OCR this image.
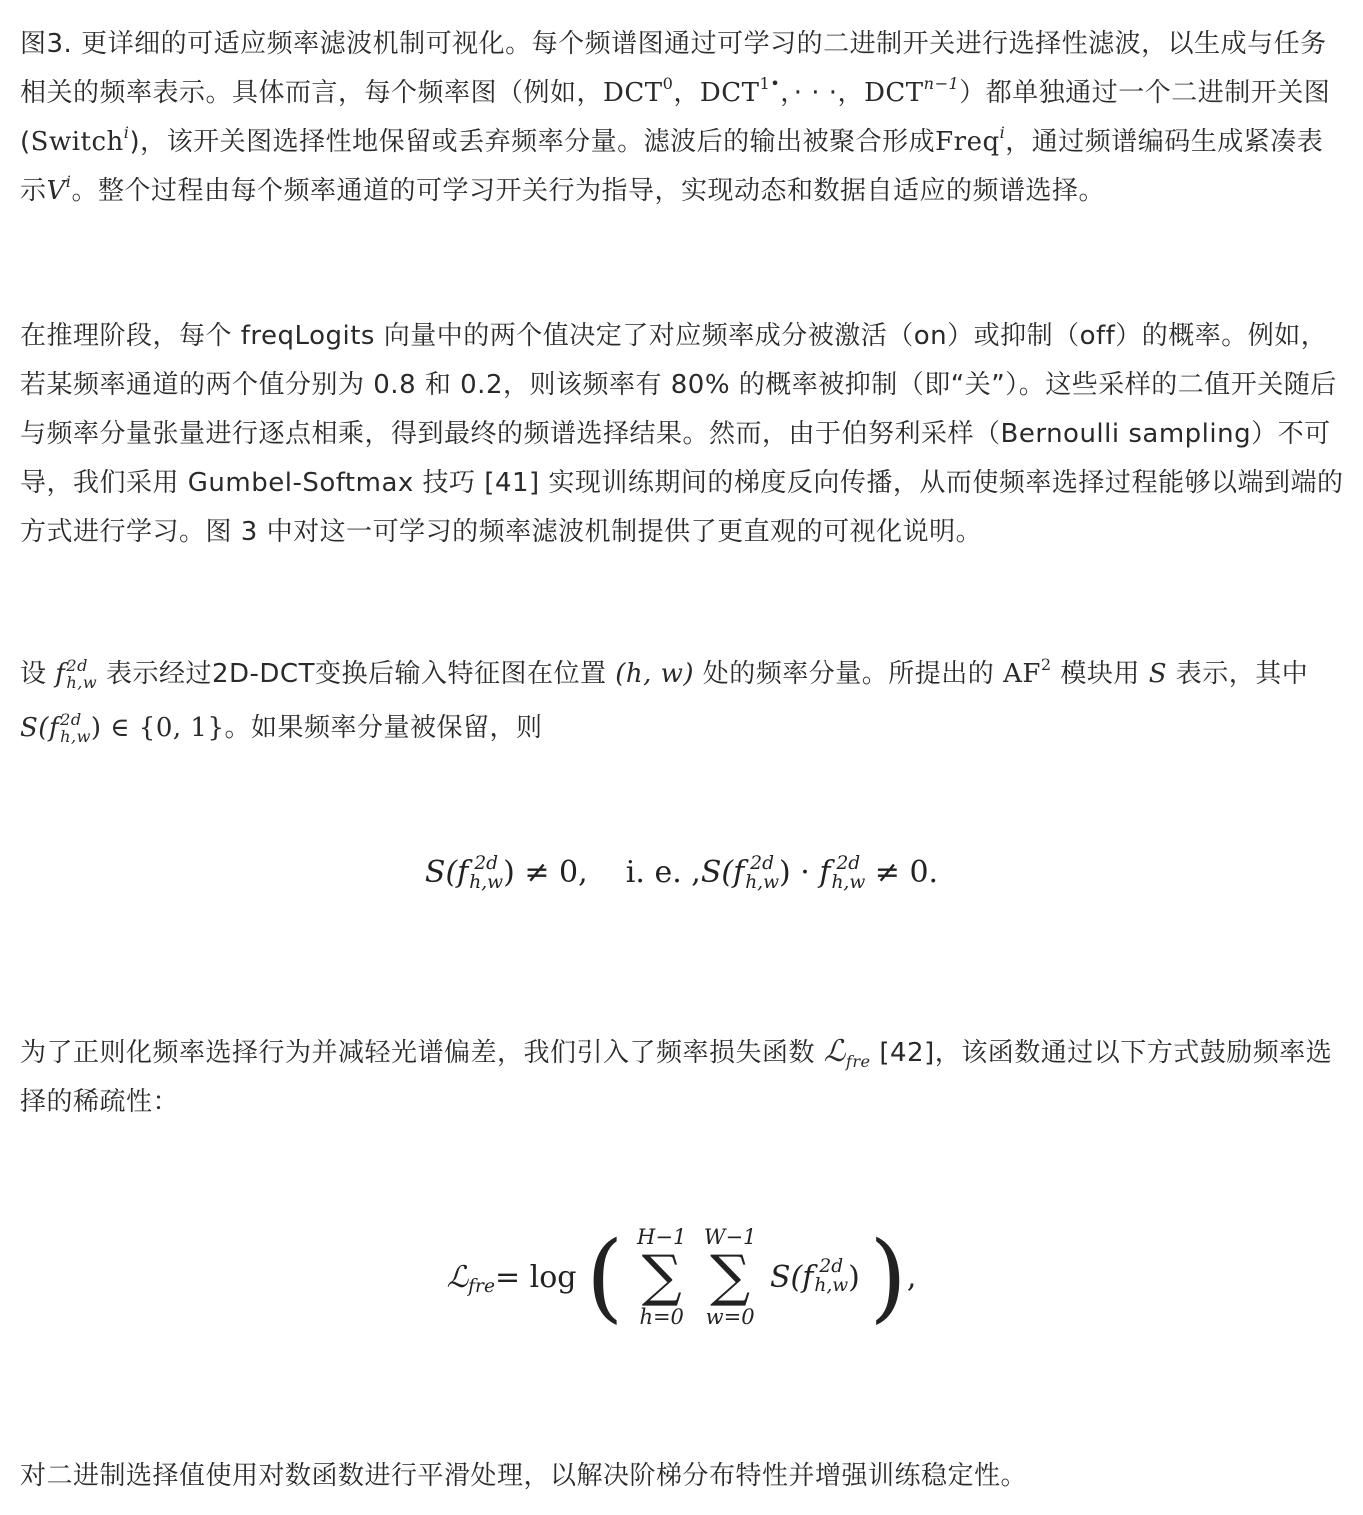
图3. 更详细的可适应频率滤波机制可视化。每个频谱图通过可学习的二进制开关进行选择性滤波，以生成与任务相关的频率表示。具体而言，每个频率图（例如，DCT$^0$，$DCT^{1•}$，· · ·，$DCT^{n-1}$）都单独通过一个二进制开关图(Switch$^i$)，该开关图选择性地保留或丢弃频率分量。滤波后的输出被聚合形成Freq$^i$，通过频谱编码生成紧凑表示$V^i$。整个过程由每个频率通道的可学习开关行为指导，实现动态和数据自适应的频谱选择。

在推理阶段，每个 freqLogits 向量中的两个值决定了对应频率成分被激活（on）或抑制（off）的概率。例如，若某频率通道的两个值分别为 0.8 和 0.2，则该频率有 80% 的概率被抑制（即“关”）。这些采样的二值开关随后与频率分量张量进行逐点相乘，得到最终的频谱选择结果。然而，由于伯努利采样（Bernoulli sampling）不可导，我们采用 Gumbel-Softmax 技巧 [41] 实现训练期间的梯度反向传播，从而使频率选择过程能够以端到端的方式进行学习。图 3 中对这一可学习的频率滤波机制提供了更直观的可视化说明。

设 f 2d
h,w 表示经过2D-DCT变换后输入特征图在位置 (h, w) 处的频率分量。所提出的 $AF^2$ 模块用 S 表示，其中 S(f 2d
h,w ) ∈ {0, 1}。如果频率分量被保留，则

S(f 2d
h,w ) ≠ 0, i. e. ,S(f 2d
h,w ) · f 2d
h,w ≠ 0.

为了正则化频率选择行为并减轻光谱偏差，我们引入了频率损失函数 ℒ$_{fre}$ [42]，该函数通过以下方式鼓励频率选择的稀疏性：

ℒ$_{fre}$= log ( H−1
∑
h=0

W−1
∑
w=0
S(f 2d
h,w ) ),

对二进制选择值使用对数函数进行平滑处理，以解决阶梯分布特性并增强训练稳定性。
